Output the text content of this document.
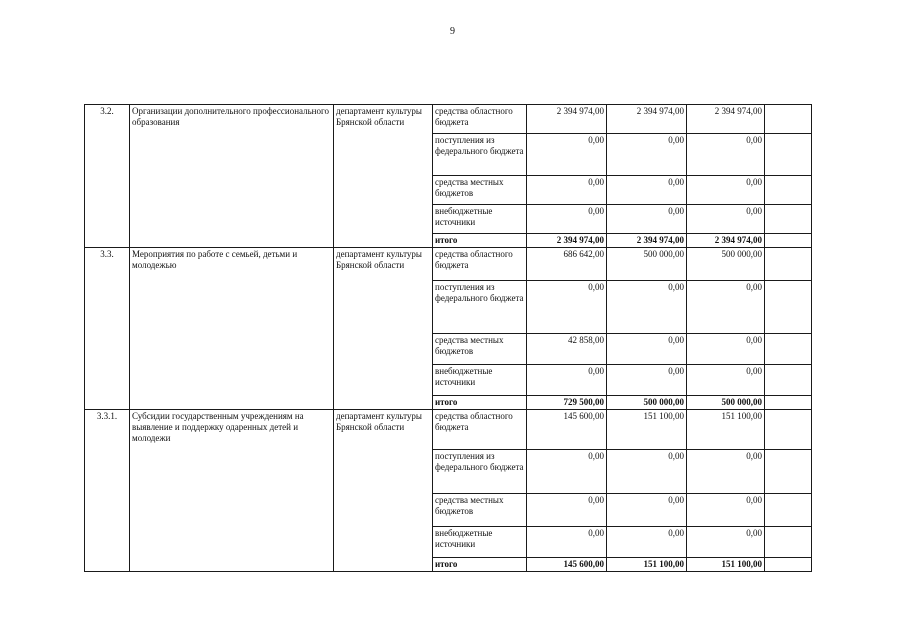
9
3.2.	Организации дополнительного профессионального образования	департамент культуры Брянской области	средства областного бюджета	2 394 974,00	2 394 974,00	2 394 974,00	
			поступления из федерального бюджета	0,00	0,00	0,00	
			средства местных бюджетов	0,00	0,00	0,00	
			внебюджетные источники	0,00	0,00	0,00	
			итого	2 394 974,00	2 394 974,00	2 394 974,00	
3.3.	Мероприятия по работе с семьей, детьми и молодежью	департамент культуры Брянской области	средства областного бюджета	686 642,00	500 000,00	500 000,00	
			поступления из федерального бюджета	0,00	0,00	0,00	
			средства местных бюджетов	42 858,00	0,00	0,00	
			внебюджетные источники	0,00	0,00	0,00	
			итого	729 500,00	500 000,00	500 000,00	
3.3.1.	Субсидии государственным учреждениям на выявление и поддержку одаренных детей и молодежи	департамент культуры Брянской области	средства областного бюджета	145 600,00	151 100,00	151 100,00	
			поступления из федерального бюджета	0,00	0,00	0,00	
			средства местных бюджетов	0,00	0,00	0,00	
			внебюджетные источники	0,00	0,00	0,00	
			итого	145 600,00	151 100,00	151 100,00	
